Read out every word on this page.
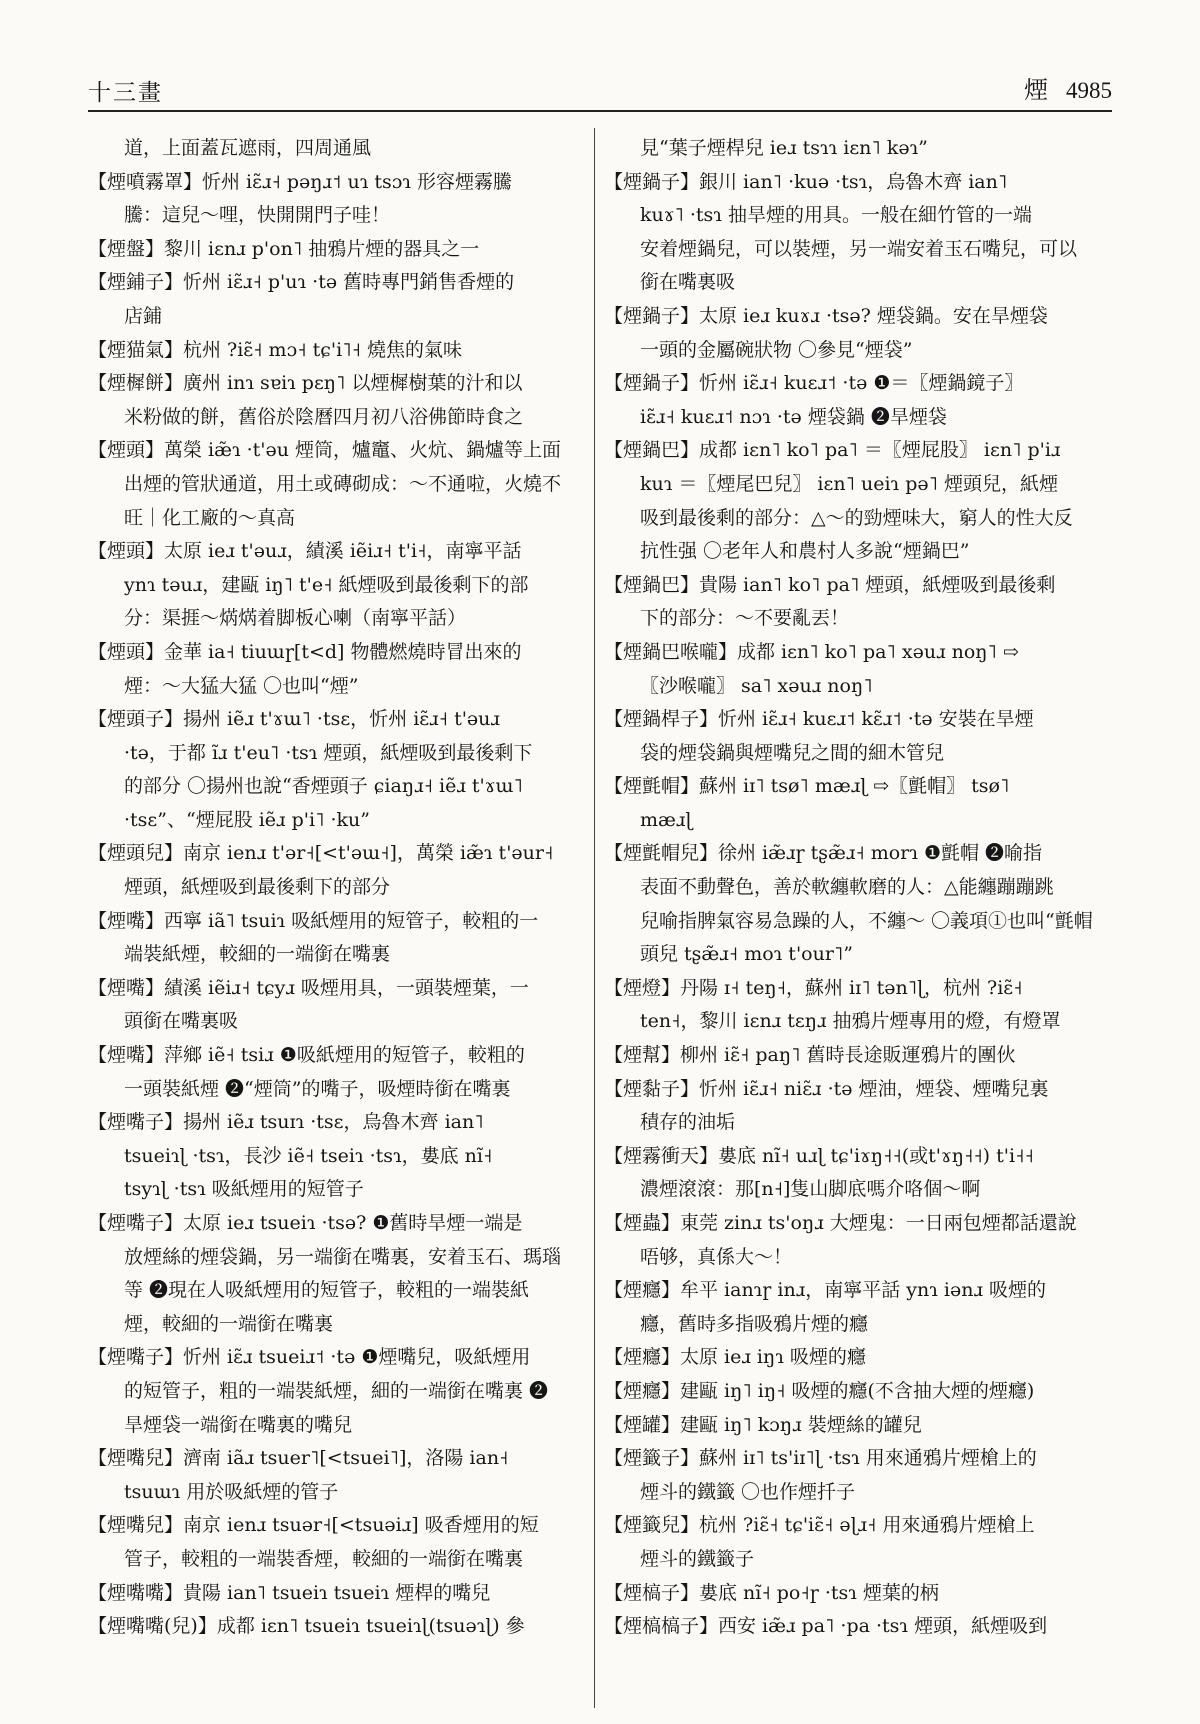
十三畫	煙 4985
道，上面蓋瓦遮雨，四周通風
【煙噴霧罩】忻州 iɛ̃ɹ˧ pəŋɹ˦ uɿ tsɔɿ 形容煙霧騰
騰：這兒～哩，快開開門子哇！
【煙盤】黎川 iɛnɹ p'on˥ 抽鴉片煙的器具之一
【煙鋪子】忻州 iɛ̃ɹ˧ p'uɿ ·tə 舊時專門銷售香煙的
店鋪
【煙猫氣】杭州 ?iɛ̃˧ mɔ˧ tɕ'i˥˧ 燒焦的氣味
【煙樨餅】廣州 inɿ sɐiɿ pɛŋ˥ 以煙樨樹葉的汁和以
米粉做的餅，舊俗於陰曆四月初八浴佛節時食之
【煙頭】萬榮 iæ̃ɿ ·t'əu 煙筒，爐竈、火炕、鍋爐等上面
出煙的管狀通道，用土或磚砌成：～不通啦，火燒不
旺｜化工廠的～真高
【煙頭】太原 ieɹ t'əuɹ，績溪 iẽiɹ˧ t'i˧，南寧平話
ynɿ təuɹ，建甌 iŋ˥ t'e˧ 紙煙吸到最後剩下的部
分：渠捱～焫焫着脚板心喇（南寧平話）
【煙頭】金華 ia˧ tiuɯɼ[t<d] 物體燃燒時冒出來的
煙：～大猛大猛 〇也叫“煙”
【煙頭子】揚州 iẽɹ t'ɤɯ˥ ·tsɛ，忻州 iɛ̃ɹ˧ t'əuɹ
·tə，于都 ĩɹ t'eu˥ ·tsɿ 煙頭，紙煙吸到最後剩下
的部分 〇揚州也說“香煙頭子 ɕiaŋɹ˧ iẽɹ t'ɤɯ˥
·tsɛ”、“煙屁股 iẽɹ p'i˥ ·ku”
【煙頭兒】南京 ienɹ t'ər˧[<t'əɯ˧]，萬榮 iæ̃ɿ t'əur˧
煙頭，紙煙吸到最後剩下的部分
【煙嘴】西寧 iã˥ tsuiɿ 吸紙煙用的短管子，較粗的一
端裝紙煙，較細的一端銜在嘴裏
【煙嘴】績溪 iẽiɹ˧ tɕyɹ 吸煙用具，一頭裝煙葉，一
頭銜在嘴裏吸
【煙嘴】萍鄉 iẽ˧ tsiɹ ❶吸紙煙用的短管子，較粗的
一頭裝紙煙 ❷“煙筒”的嘴子，吸煙時銜在嘴裏
【煙嘴子】揚州 iẽɹ tsuɪɿ ·tsɛ，烏魯木齊 ian˥
tsueiɿɭ ·tsɿ，長沙 iẽ˧ tseiɿ ·tsɿ，婁底 nĩ˧
tsyɿɭ ·tsɿ 吸紙煙用的短管子
【煙嘴子】太原 ieɹ tsueiɿ ·tsə? ❶舊時旱煙一端是
放煙絲的煙袋鍋，另一端銜在嘴裏，安着玉石、瑪瑙
等 ❷現在人吸紙煙用的短管子，較粗的一端裝紙
煙，較細的一端銜在嘴裏
【煙嘴子】忻州 iɛ̃ɹ tsueiɹ˦ ·tə ❶煙嘴兒，吸紙煙用
的短管子，粗的一端裝紙煙，細的一端銜在嘴裏 ❷
旱煙袋一端銜在嘴裏的嘴兒
【煙嘴兒】濟南 iãɹ tsuer˥[<tsuei˥]，洛陽 ian˧
tsuɯɿ 用於吸紙煙的管子
【煙嘴兒】南京 ienɹ tsuər˧[<tsuəiɹ] 吸香煙用的短
管子，較粗的一端裝香煙，較細的一端銜在嘴裏
【煙嘴嘴】貴陽 ian˥ tsueiɿ tsueiɿ 煙桿的嘴兒
【煙嘴嘴(兒)】成都 iɛn˥ tsueiɿ tsueiɿɭ(tsuəɿɭ) 參
見“葉子煙桿兒 ieɹ tsɿɿ iɛn˥ kəɿ”
【煙鍋子】銀川 ian˥ ·kuə ·tsɿ，烏魯木齊 ian˥
kuɤ˥ ·tsɿ 抽旱煙的用具。一般在細竹管的一端
安着煙鍋兒，可以裝煙，另一端安着玉石嘴兒，可以
銜在嘴裏吸
【煙鍋子】太原 ieɹ kuɤɹ ·tsə? 煙袋鍋。安在旱煙袋
一頭的金屬碗狀物 〇參見“煙袋”
【煙鍋子】忻州 iɛ̃ɹ˧ kuɛɹ˦ ·tə ❶＝〖煙鍋鏡子〗
iɛ̃ɹ˧ kuɛɹ˦ nɔɿ ·tə 煙袋鍋 ❷旱煙袋
【煙鍋巴】成都 iɛn˥ ko˥ pa˥ ＝〖煙屁股〗 iɛn˥ p'iɹ
kuɿ ＝〖煙尾巴兒〗 iɛn˥ ueiɿ pə˥ 煙頭兒，紙煙
吸到最後剩的部分：△～的勁煙味大，窮人的性大反
抗性强 〇老年人和農村人多說“煙鍋巴”
【煙鍋巴】貴陽 ian˥ ko˥ pa˥ 煙頭，紙煙吸到最後剩
下的部分：～不要亂丟！
【煙鍋巴喉嚨】成都 iɛn˥ ko˥ pa˥ xəuɹ noŋ˥ ⇨
〖沙喉嚨〗 sa˥ xəuɹ noŋ˥
【煙鍋桿子】忻州 iɛ̃ɹ˧ kuɛɹ˦ kɛ̃ɹ˦ ·tə 安裝在旱煙
袋的煙袋鍋與煙嘴兒之間的細木管兒
【煙氈帽】蘇州 iɪ˥ tsø˥ mæɹɭ ⇨〖氈帽〗 tsø˥
mæɹɭ
【煙氈帽兒】徐州 iæ̃ɹɼ tʂæ̃ɹ˧ morɿ ❶氈帽 ❷喻指
表面不動聲色，善於軟纏軟磨的人：△能纏蹦蹦跳
兒喻指脾氣容易急躁的人，不纏～ 〇義項①也叫“氈帽
頭兒 tʂæ̃ɹ˧ moɿ t'our˥”
【煙燈】丹陽 ɪ˧ teŋ˧，蘇州 iɪ˥ tən˥ɭ，杭州 ?iɛ̃˧
ten˧，黎川 iɛnɹ tɛŋɹ 抽鴉片煙專用的燈，有燈罩
【煙幫】柳州 iɛ̃˧ paŋ˥ 舊時長途販運鴉片的團伙
【煙黏子】忻州 iɛ̃ɹ˧ niɛ̃ɹ ·tə 煙油，煙袋、煙嘴兒裏
積存的油垢
【煙霧衝天】婁底 nĩ˧ uɹɭ tɕ'iɤŋ˧˧(或t'ɤŋ˧˧) t'i˧˧
濃煙滾滾：那[n˧]隻山脚底嗎介咯個～啊
【煙蟲】東莞 zinɹ ts'oŋɹ 大煙鬼：一日兩包煙都話還說
唔够，真係大～！
【煙癮】牟平 ianɿɼ inɹ，南寧平話 ynɿ iənɹ 吸煙的
癮，舊時多指吸鴉片煙的癮
【煙癮】太原 ieɹ iŋɿ 吸煙的癮
【煙癮】建甌 iŋ˥ iŋ˧ 吸煙的癮(不含抽大煙的煙癮)
【煙罐】建甌 iŋ˥ kɔŋɹ 裝煙絲的罐兒
【煙籤子】蘇州 iɪ˥ ts'iɪ˥ɭ ·tsɿ 用來通鴉片煙槍上的
煙斗的鐵籤 〇也作煙扦子
【煙籤兒】杭州 ?iɛ̃˧ tɕ'iɛ̃˧ əɭɹ˧ 用來通鴉片煙槍上
煙斗的鐵籤子
【煙槁子】婁底 nĩ˧ po˧ɼ ·tsɿ 煙葉的柄
【煙槁槁子】西安 iæ̃ɹ pa˥ ·pa ·tsɿ 煙頭，紙煙吸到
